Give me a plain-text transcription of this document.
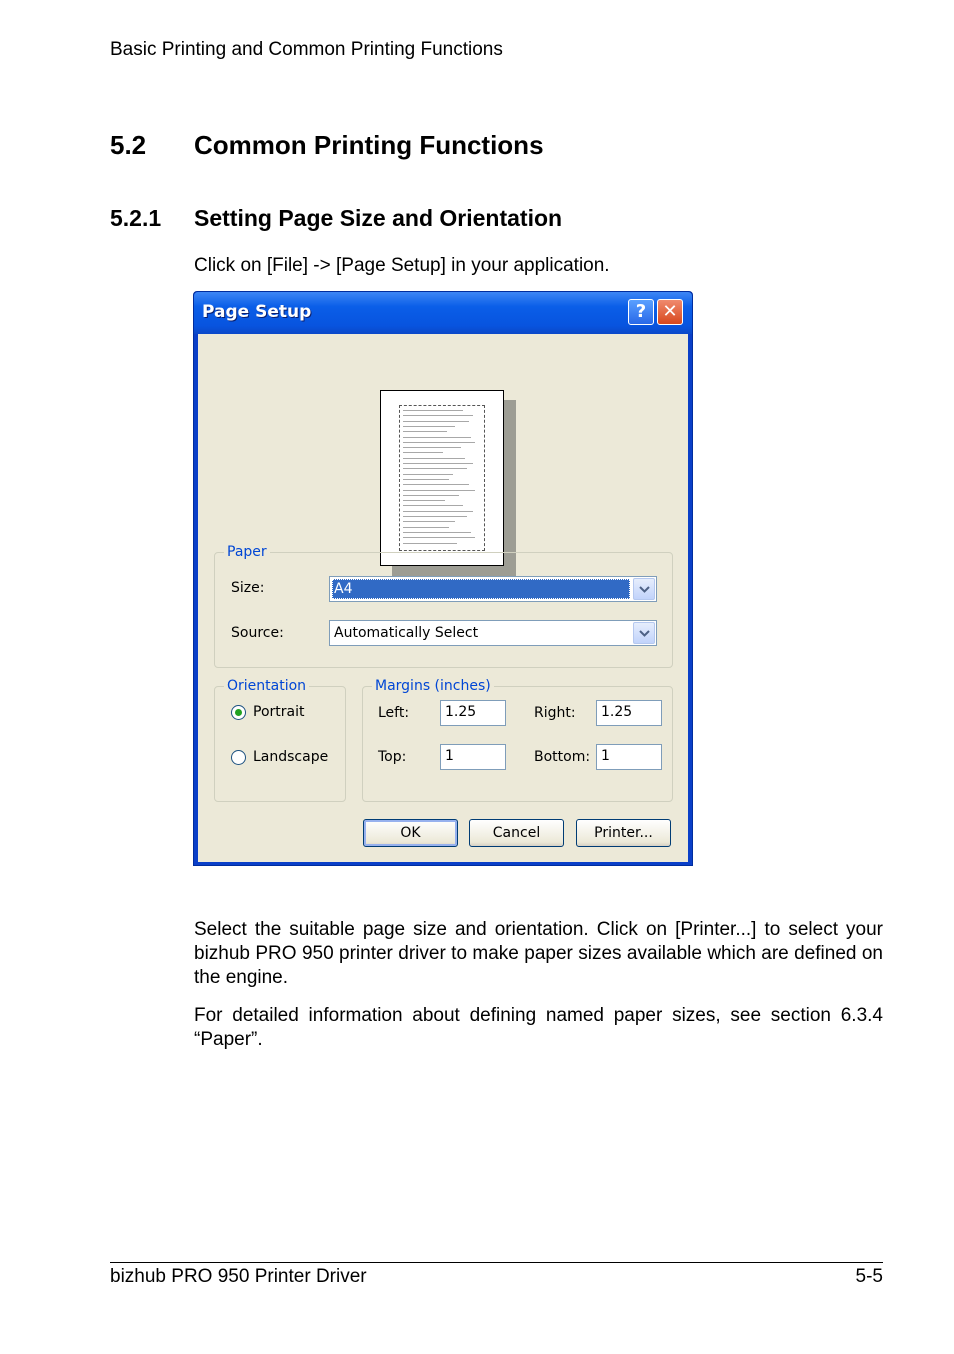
Basic Printing and Common Printing Functions
5.2 Common Printing Functions
5.2.1 Setting Page Size and Orientation
Click on [File] -> [Page Setup] in your application.
Page Setup	? ✕
Paper
Size:	A4
Source:	Automatically Select
Orientation
Portrait
Landscape
Margins (inches)
Left:	1.25	Right:	1.25
Top:	1	Bottom: 1
OK	Cancel	Printer...
Select the suitable page size and orientation. Click on [Printer...] to select your bizhub PRO 950 printer driver to make paper sizes available which are defined on the engine.
For detailed information about defining named paper sizes, see section 6.3.4 “Paper”.
bizhub PRO 950 Printer Driver	5-5
